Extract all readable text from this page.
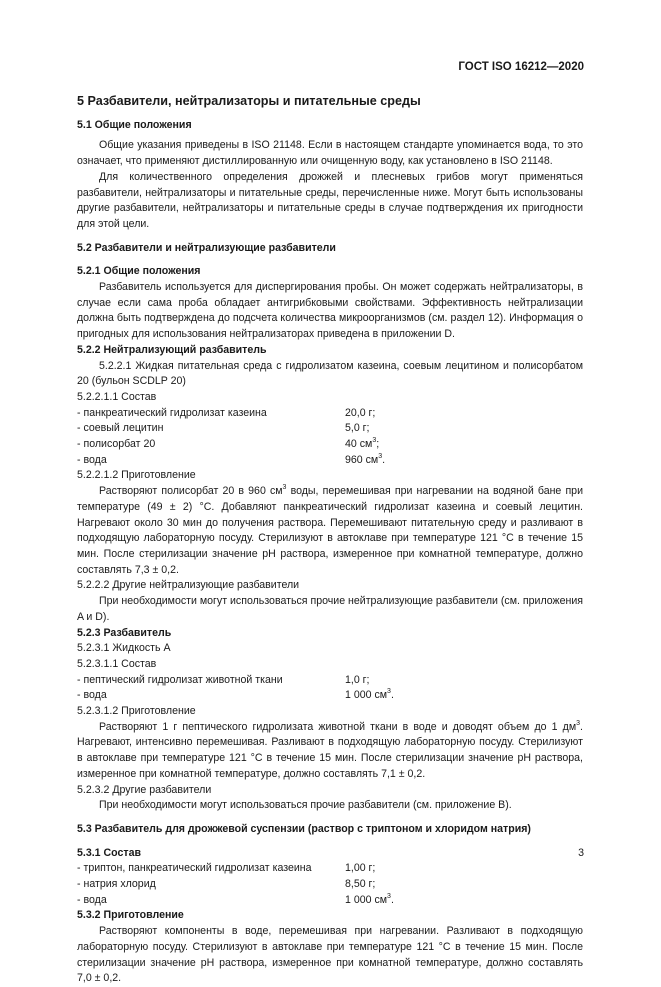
ГОСТ ISO 16212—2020
5 Разбавители, нейтрализаторы и питательные среды
5.1 Общие положения

Общие указания приведены в ISO 21148. Если в настоящем стандарте упоминается вода, то это означает, что применяют дистиллированную или очищенную воду, как установлено в ISO 21148.

Для количественного определения дрожжей и плесневых грибов могут применяться разбавители, нейтрализаторы и питательные среды, перечисленные ниже. Могут быть использованы другие разбавители, нейтрализаторы и питательные среды в случае подтверждения их пригодности для этой цели.

5.2 Разбавители и нейтрализующие разбавители
5.2.1 Общие положения

Разбавитель используется для диспергирования пробы. Он может содержать нейтрализаторы, в случае если сама проба обладает антигрибковыми свойствами. Эффективность нейтрализации должна быть подтверждена до подсчета количества микроорганизмов (см. раздел 12). Информация о пригодных для использования нейтрализаторах приведена в приложении D.

5.2.2 Нейтрализующий разбавитель

5.2.2.1 Жидкая питательная среда с гидролизатом казеина, соевым лецитином и полисорбатом 20 (бульон SCDLP 20)

5.2.2.1.1 Состав
- панкреатический гидролизат казеина	20,0 г;
- соевый лецитин	5,0 г;
- полисорбат 20	40 $см^3$;
- вода	960 $см^3$.
5.2.2.1.2 Приготовление

Растворяют полисорбат 20 в 960 $см^3$ воды, перемешивая при нагревании на водяной бане при температуре (49 ± 2) °С. Добавляют панкреатический гидролизат казеина и соевый лецитин. Нагревают около 30 мин до получения раствора. Перемешивают питательную среду и разливают в подходящую лабораторную посуду. Стерилизуют в автоклаве при температуре 121 °С в течение 15 мин. После стерилизации значение pH раствора, измеренное при комнатной температуре, должно составлять 7,3 ± 0,2.

5.2.2.2 Другие нейтрализующие разбавители

При необходимости могут использоваться прочие нейтрализующие разбавители (см. приложения A и D).

5.2.3 Разбавитель
5.2.3.1 Жидкость А
5.2.3.1.1 Состав
- пептический гидролизат животной ткани	1,0 г;
- вода	1 000 $см^3$.
5.2.3.1.2 Приготовление

Растворяют 1 г пептического гидролизата животной ткани в воде и доводят объем до 1 $дм^3$. Нагревают, интенсивно перемешивая. Разливают в подходящую лабораторную посуду. Стерилизуют в автоклаве при температуре 121 °С в течение 15 мин. После стерилизации значение pH раствора, измеренное при комнатной температуре, должно составлять 7,1 ± 0,2.

5.2.3.2 Другие разбавители

При необходимости могут использоваться прочие разбавители (см. приложение В).

5.3 Разбавитель для дрожжевой суспензии (раствор с триптоном и хлоридом натрия)
5.3.1 Состав
- триптон, панкреатический гидролизат казеина	1,00 г;
- натрия хлорид	8,50 г;
- вода	1 000 $см^3$.
5.3.2 Приготовление

Растворяют компоненты в воде, перемешивая при нагревании. Разливают в подходящую лабораторную посуду. Стерилизуют в автоклаве при температуре 121 °С в течение 15 мин. После стерилизации значение pH раствора, измеренное при комнатной температуре, должно составлять 7,0 ± 0,2.

3
